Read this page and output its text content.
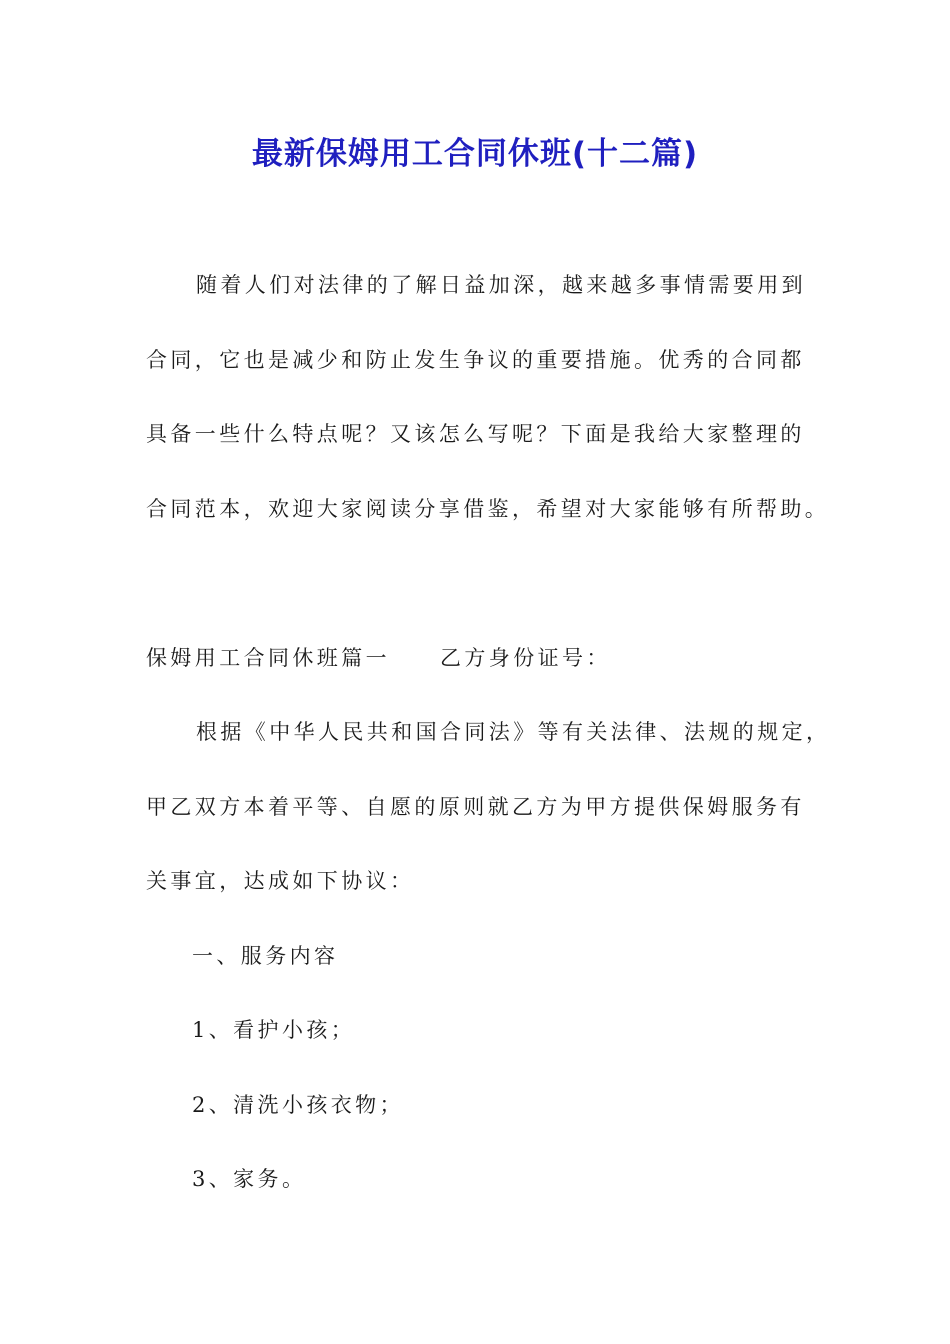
最新保姆用工合同休班(十二篇)

随着人们对法律的了解日益加深，越来越多事情需要用到

合同，它也是减少和防止发生争议的重要措施。优秀的合同都

具备一些什么特点呢？又该怎么写呢？下面是我给大家整理的

合同范本，欢迎大家阅读分享借鉴，希望对大家能够有所帮助。

保姆用工合同休班篇一 乙方身份证号：

根据《中华人民共和国合同法》等有关法律、法规的规定，

甲乙双方本着平等、自愿的原则就乙方为甲方提供保姆服务有

关事宜，达成如下协议：

一、服务内容

1、看护小孩；

2、清洗小孩衣物；

3、家务。
